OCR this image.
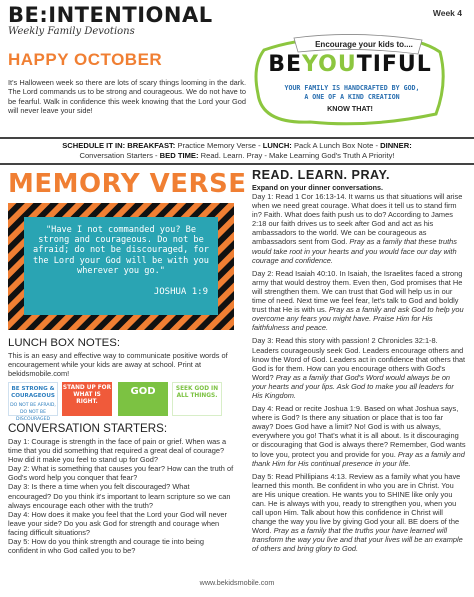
BE:INTENTIONAL
Weekly Family Devotions
Week 4
Encourage your kids to....
BEYOUTIFUL
YOUR FAMILY IS HANDCRAFTED BY GOD,
A ONE OF A KIND CREATION
KNOW THAT!
HAPPY OCTOBER
It's Halloween week so there are lots of scary things looming in the dark. The Lord commands us to be strong and courageous. We do not have to be fearful. Walk in confidence this week knowing that the Lord your God will never leave your side!
SCHEDULE IT IN: BREAKFAST: Practice Memory Verse - LUNCH: Pack A Lunch Box Note - DINNER:
Conversation Starters - BED TIME: Read. Learn. Pray - Make Learning God's Truth A Priority!
MEMORY VERSE
"Have I not commanded you? Be strong and courageous. Do not be afraid; do not be discouraged, for the Lord your God will be with you wherever you go."
JOSHUA 1:9
LUNCH BOX NOTES:
This is an easy and effective way to communicate positive words of encouragement while your kids are away at school. Print at bekidsmobile.com!
BE STRONG & COURAGEOUS
DO NOT BE AFRAID, DO NOT BE DISCOURAGED
STAND UP FOR WHAT IS RIGHT.
GOD	SEEK GOD IN ALL THINGS.
CONVERSATION STARTERS:

Day 1: Courage is strength in the face of pain or grief. When was a time that you did something that required a great deal of courage? How did it make you feel to stand up for God?

Day 2: What is something that causes you fear? How can the truth of God's word help you conquer that fear?

Day 3: Is there a time when you felt discouraged? What encouraged? Do you think it's important to learn scripture so we can always encourage each other with the truth?

Day 4: How does it make you feel that the Lord your God will never leave your side? Do you ask God for strength and courage when facing difficult situations?

Day 5: How do you think strength and courage tie into being confident in who God called you to be?

READ. LEARN. PRAY.
Expand on your dinner conversations.

Day 1: Read 1 Cor 16:13-14. It warns us that situations will arise when we need great courage. What does it tell us to stand firm in? Faith. What does faith push us to do? According to James 2:18 our faith drives us to seek after God and act as his ambassadors to the world. We can be courageous as ambassadors sent from God. Pray as a family that these truths would take root in your hearts and you would face our day with courage and confidence.

Day 2: Read Isaiah 40:10. In Isaiah, the Israelites faced a strong army that would destroy them. Even then, God promises that He will strengthen them. We can trust that God will help us in our time of need. Next time we feel fear, let's talk to God and boldly trust that He is with us. Pray as a family and ask God to help you overcome any fears you might have. Praise Him for His faithfulness and peace.

Day 3: Read this story with passion! 2 Chronicles 32:1-8. Leaders courageously seek God. Leaders encourage others and know the Word of God. Leaders act in confidence that others that God is for them. How can you encourage others with God's Word? Pray as a family that God's Word would always be on your hearts and your lips. Ask God to make you all leaders for His Kingdom.

Day 4: Read or recite Joshua 1:9. Based on what Joshua says, where is God? Is there any situation or place that is too far away? Does God have a limit? No! God is with us always, everywhere you go! That's what it is all about. Is it discouraging or discouraging that God is always there? Remember, God wants to love you, protect you and provide for you. Pray as a family and thank Him for His continual presence in your life.

Day 5: Read Phillipians 4:13. Review as a family what you have learned this month. Be confident in who you are in Christ. You are His unique creation. He wants you to SHINE like only you can. He is always with you, ready to strengthen you, when you call upon Him. Talk about how this confidence in Christ will change the way you live by giving God your all. BE doers of the Word. Pray as a family that the truths your have learned will transform the way you live and that your lives will be an example of others and bring glory to God.

www.bekidsmobile.com
